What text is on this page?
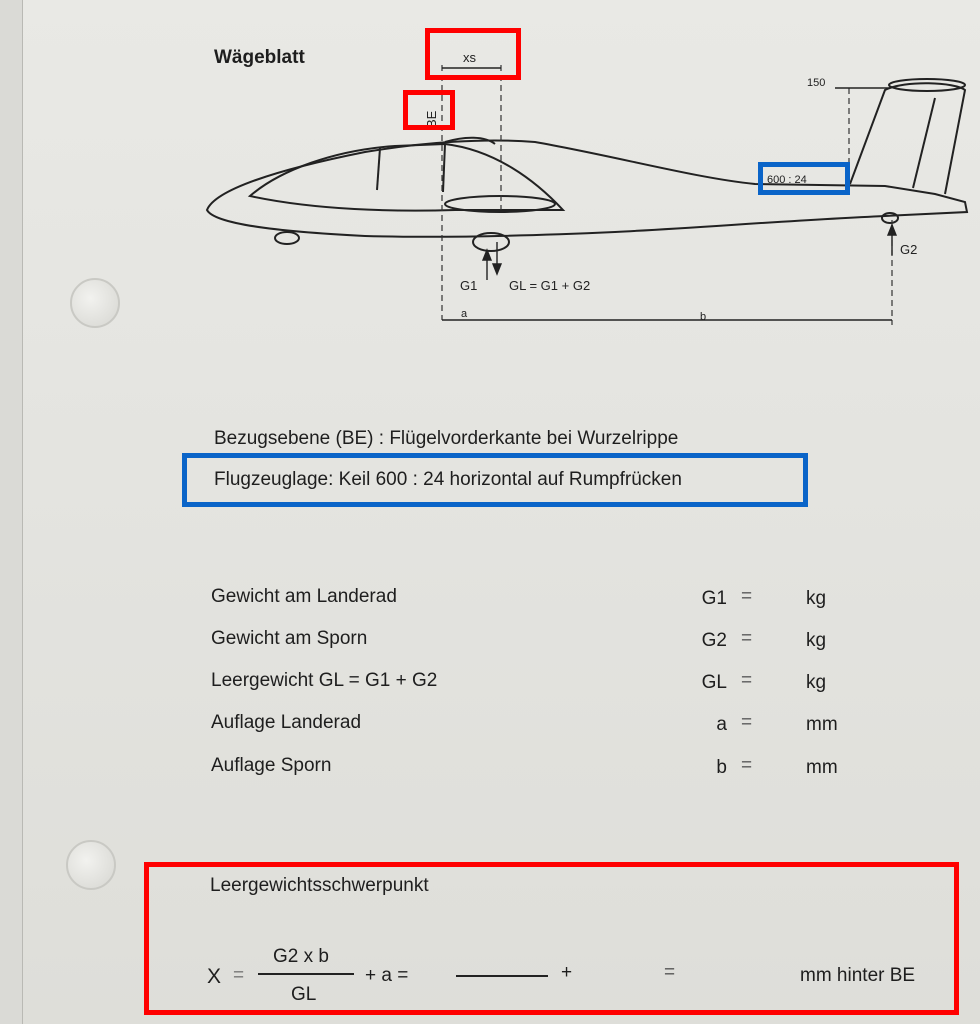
Wägeblatt	xs
150
600 : 24
G1 GL = G1 + G2
G2
a	b
BE
Bezugsebene (BE) : Flügelvorderkante bei Wurzelrippe
Flugzeuglage: Keil 600 : 24 horizontal auf Rumpfrücken
Gewicht am Landerad	G1 =	kg
Gewicht am Sporn	G2 =	kg
Leergewicht GL = G1 + G2	GL =	kg
Auflage Landerad	a =	mm
Auflage Sporn	b =	mm
Leergewichtsschwerpunkt
X =
G2 x b
GL
+ a =	+	=	mm hinter BE
